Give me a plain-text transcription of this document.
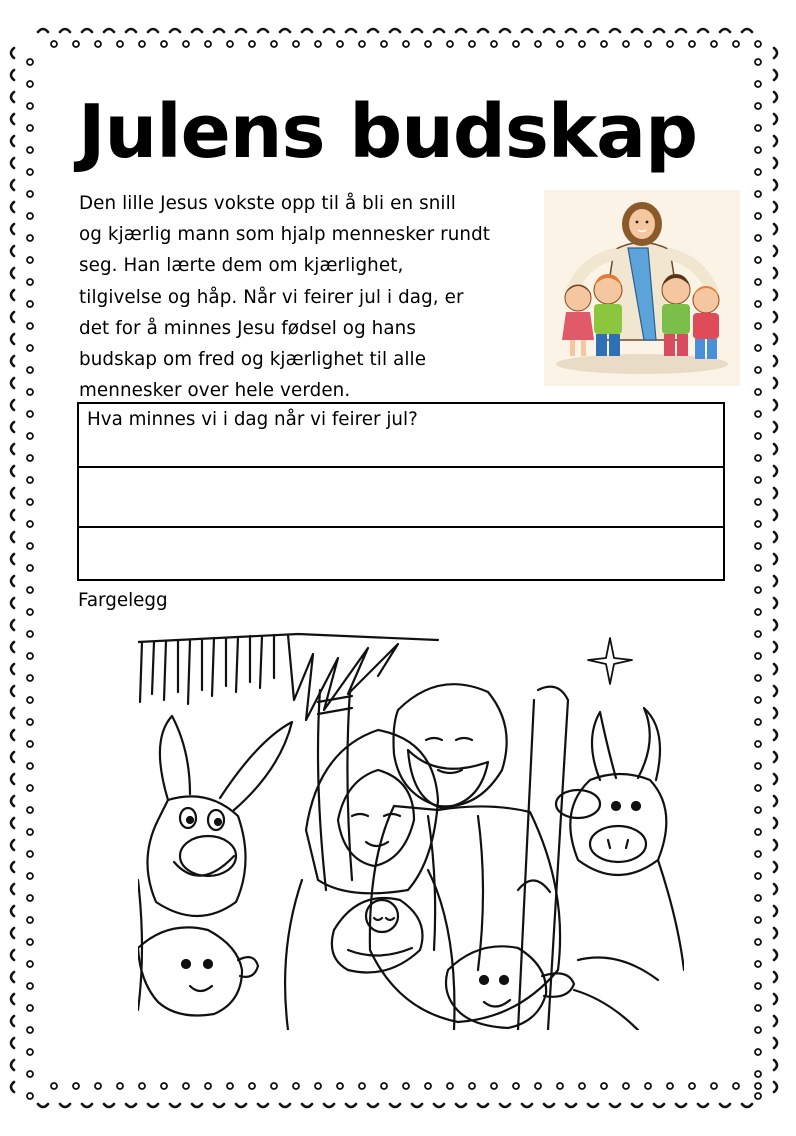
Julens budskap

Den lille Jesus vokste opp til å bli en snill
og kjærlig mann som hjalp mennesker rundt
seg. Han lærte dem om kjærlighet,
tilgivelse og håp. Når vi feirer jul i dag, er
det for å minnes Jesu fødsel og hans
budskap om fred og kjærlighet til alle
mennesker over hele verden.

Hva minnes vi i dag når vi feirer jul?
Fargelegg
